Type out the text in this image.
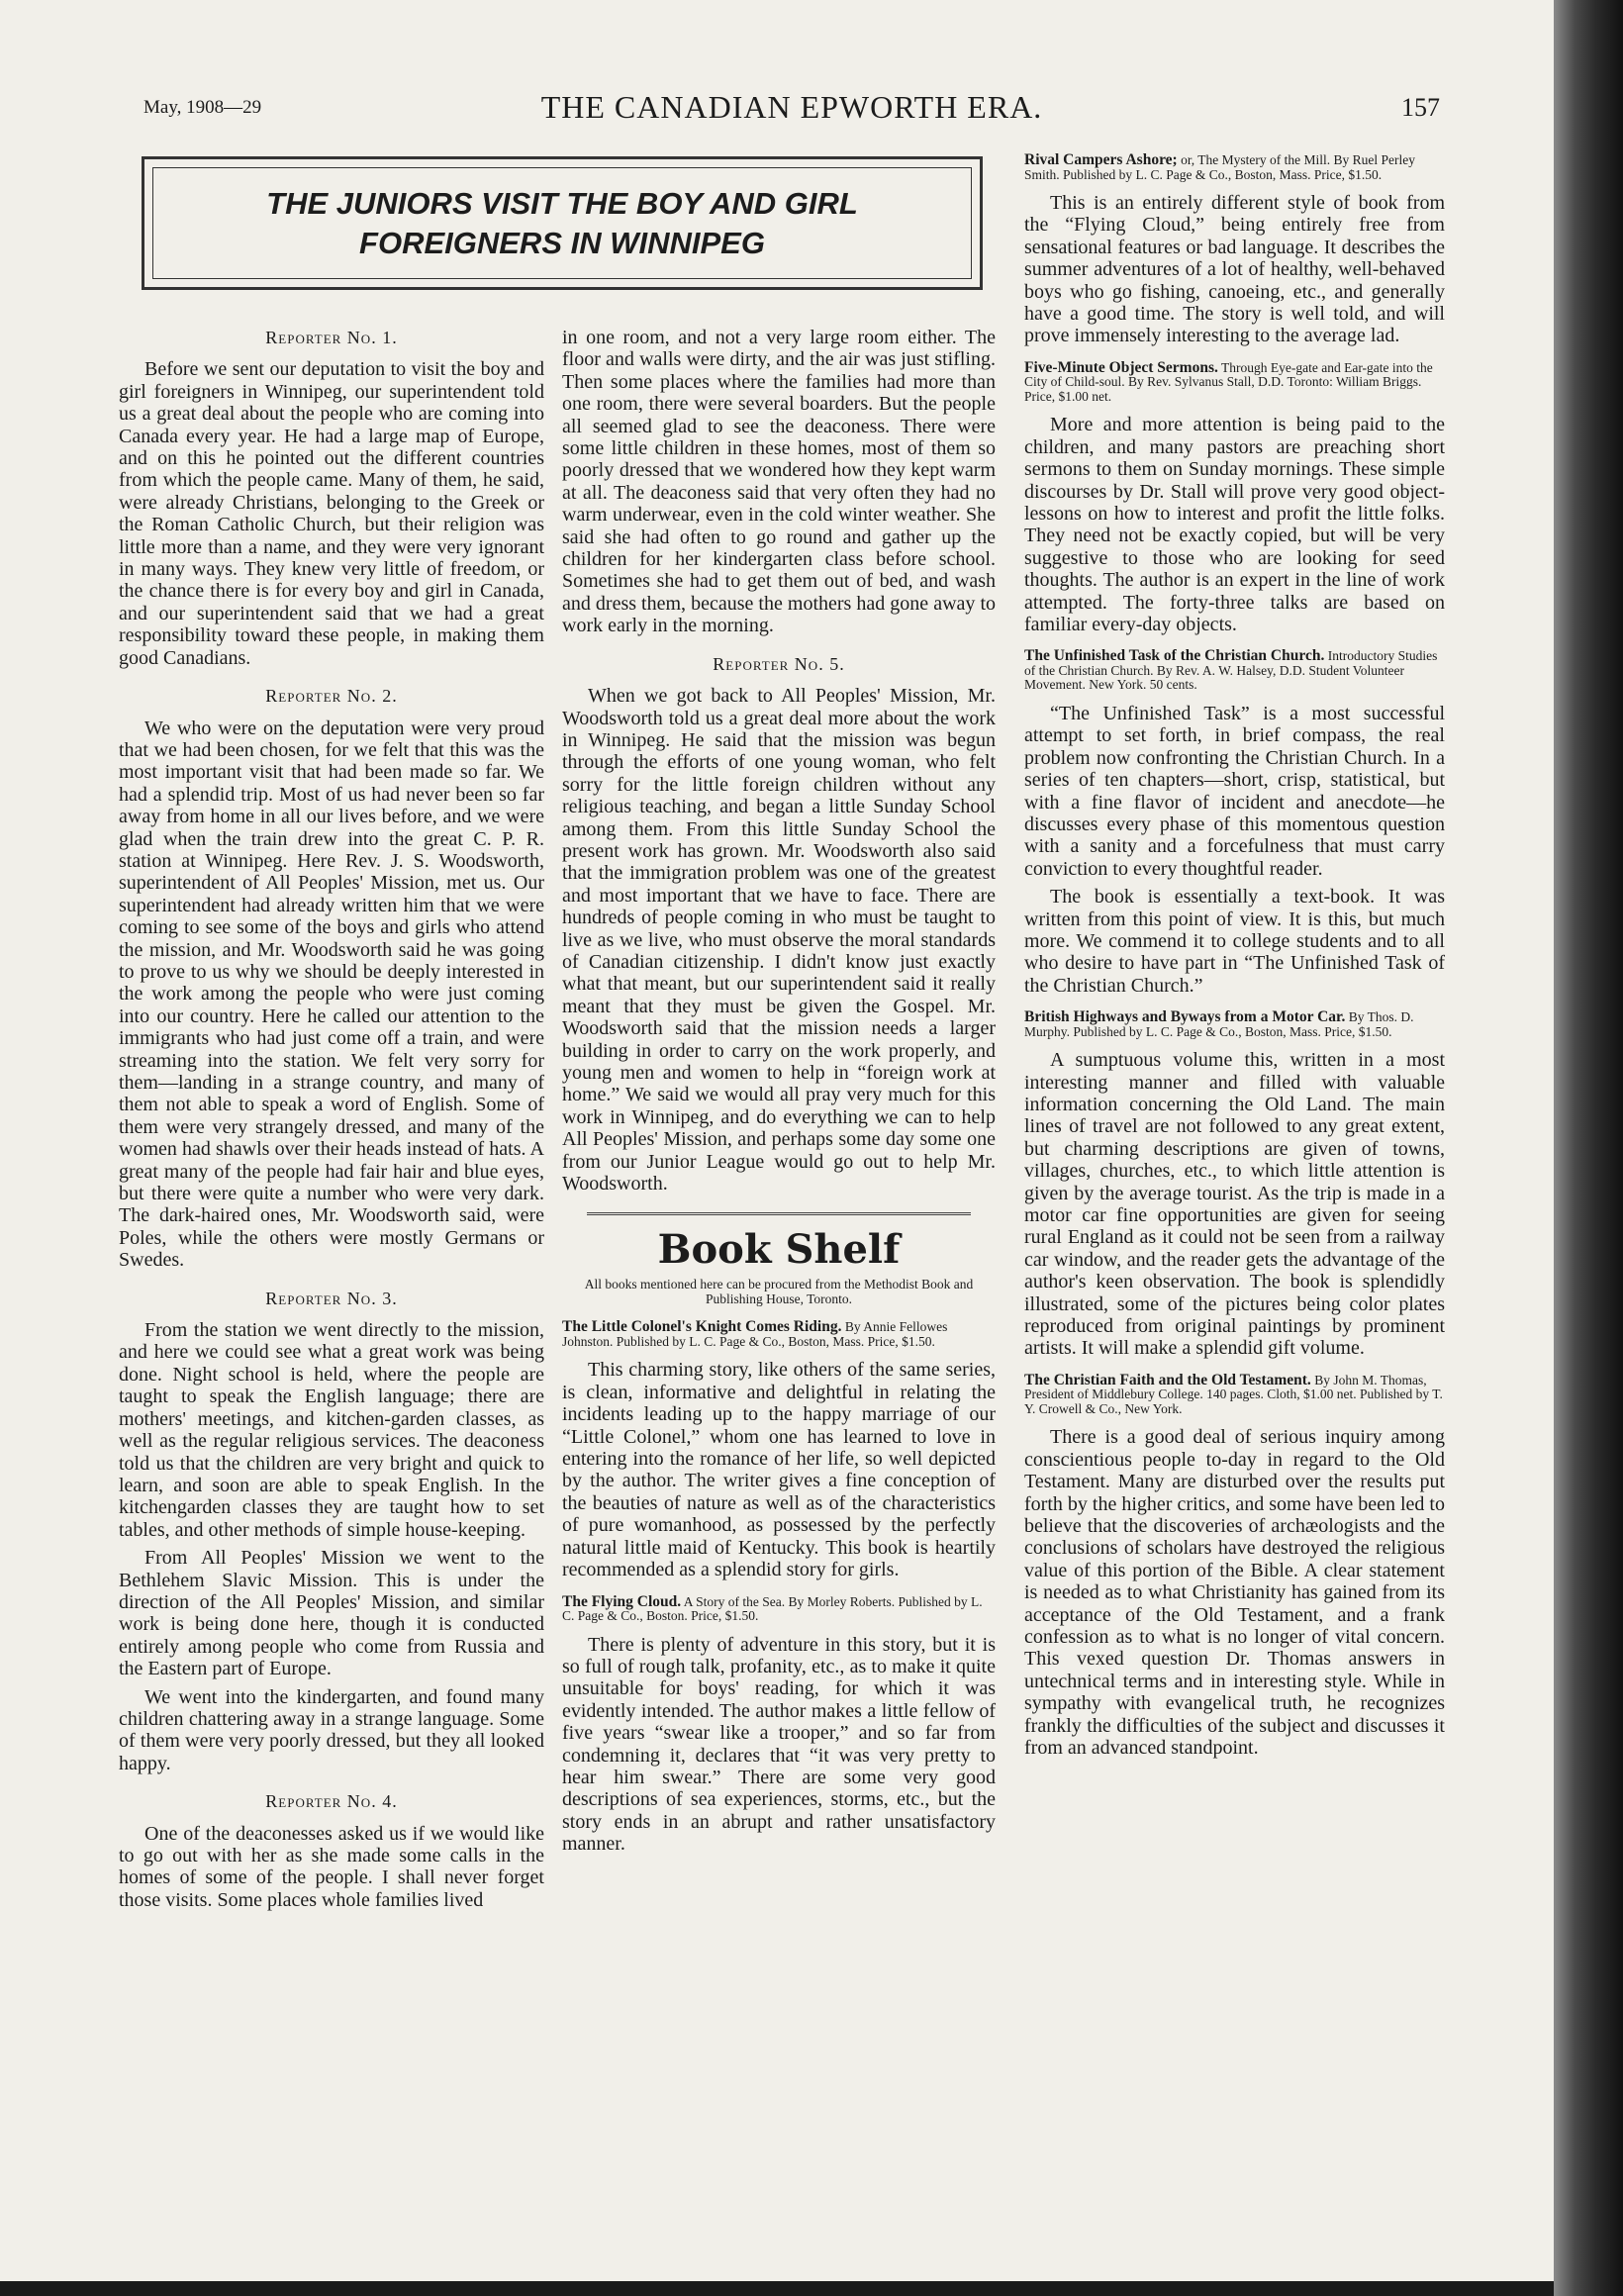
May, 1908—29	THE CANADIAN EPWORTH ERA.	157
THE JUNIORS VISIT THE BOY AND GIRL FOREIGNERS IN WINNIPEG
Reporter No. 1.

Before we sent our deputation to visit the boy and girl foreigners in Winnipeg, our superintendent told us a great deal about the people who are coming into Canada every year. He had a large map of Europe, and on this he pointed out the different countries from which the people came. Many of them, he said, were already Christians, belonging to the Greek or the Roman Catholic Church, but their religion was little more than a name, and they were very ignorant in many ways. They knew very little of freedom, or the chance there is for every boy and girl in Canada, and our superintendent said that we had a great responsibility toward these people, in making them good Canadians.

Reporter No. 2.

We who were on the deputation were very proud that we had been chosen, for we felt that this was the most important visit that had been made so far. We had a splendid trip. Most of us had never been so far away from home in all our lives before, and we were glad when the train drew into the great C. P. R. station at Winnipeg. Here Rev. J. S. Woodsworth, superintendent of All Peoples' Mission, met us. Our superintendent had already written him that we were coming to see some of the boys and girls who attend the mission, and Mr. Woodsworth said he was going to prove to us why we should be deeply interested in the work among the people who were just coming into our country. Here he called our attention to the immigrants who had just come off a train, and were streaming into the station. We felt very sorry for them—landing in a strange country, and many of them not able to speak a word of English. Some of them were very strangely dressed, and many of the women had shawls over their heads instead of hats. A great many of the people had fair hair and blue eyes, but there were quite a number who were very dark. The dark-haired ones, Mr. Woodsworth said, were Poles, while the others were mostly Germans or Swedes.

Reporter No. 3.

From the station we went directly to the mission, and here we could see what a great work was being done. Night school is held, where the people are taught to speak the English language; there are mothers' meetings, and kitchen-garden classes, as well as the regular religious services. The deaconess told us that the children are very bright and quick to learn, and soon are able to speak English. In the kitchengarden classes they are taught how to set tables, and other methods of simple house-keeping.

From All Peoples' Mission we went to the Bethlehem Slavic Mission. This is under the direction of the All Peoples' Mission, and similar work is being done here, though it is conducted entirely among people who come from Russia and the Eastern part of Europe.

We went into the kindergarten, and found many children chattering away in a strange language. Some of them were very poorly dressed, but they all looked happy.

Reporter No. 4.

One of the deaconesses asked us if we would like to go out with her as she made some calls in the homes of some of the people. I shall never forget those visits. Some places whole families lived

in one room, and not a very large room either. The floor and walls were dirty, and the air was just stifling. Then some places where the families had more than one room, there were several boarders. But the people all seemed glad to see the deaconess. There were some little children in these homes, most of them so poorly dressed that we wondered how they kept warm at all. The deaconess said that very often they had no warm underwear, even in the cold winter weather. She said she had often to go round and gather up the children for her kindergarten class before school. Sometimes she had to get them out of bed, and wash and dress them, because the mothers had gone away to work early in the morning.

Reporter No. 5.

When we got back to All Peoples' Mission, Mr. Woodsworth told us a great deal more about the work in Winnipeg. He said that the mission was begun through the efforts of one young woman, who felt sorry for the little foreign children without any religious teaching, and began a little Sunday School among them. From this little Sunday School the present work has grown. Mr. Woodsworth also said that the immigration problem was one of the greatest and most important that we have to face. There are hundreds of people coming in who must be taught to live as we live, who must observe the moral standards of Canadian citizenship. I didn't know just exactly what that meant, but our superintendent said it really meant that they must be given the Gospel. Mr. Woodsworth said that the mission needs a larger building in order to carry on the work properly, and young men and women to help in “foreign work at home.” We said we would all pray very much for this work in Winnipeg, and do everything we can to help All Peoples' Mission, and perhaps some day some one from our Junior League would go out to help Mr. Woodsworth.

Book Shelf
All books mentioned here can be procured from the Methodist Book and Publishing House, Toronto.
The Little Colonel's Knight Comes Riding. By Annie Fellowes Johnston. Published by L. C. Page & Co., Boston, Mass. Price, $1.50.

This charming story, like others of the same series, is clean, informative and delightful in relating the incidents leading up to the happy marriage of our “Little Colonel,” whom one has learned to love in entering into the romance of her life, so well depicted by the author. The writer gives a fine conception of the beauties of nature as well as of the characteristics of pure womanhood, as possessed by the perfectly natural little maid of Kentucky. This book is heartily recommended as a splendid story for girls.

The Flying Cloud. A Story of the Sea. By Morley Roberts. Published by L. C. Page & Co., Boston. Price, $1.50.

There is plenty of adventure in this story, but it is so full of rough talk, profanity, etc., as to make it quite unsuitable for boys' reading, for which it was evidently intended. The author makes a little fellow of five years “swear like a trooper,” and so far from condemning it, declares that “it was very pretty to hear him swear.” There are some very good descriptions of sea experiences, storms, etc., but the story ends in an abrupt and rather unsatisfactory manner.

Rival Campers Ashore; or, The Mystery of the Mill. By Ruel Perley Smith. Published by L. C. Page & Co., Boston, Mass. Price, $1.50.

This is an entirely different style of book from the “Flying Cloud,” being entirely free from sensational features or bad language. It describes the summer adventures of a lot of healthy, well-behaved boys who go fishing, canoeing, etc., and generally have a good time. The story is well told, and will prove immensely interesting to the average lad.

Five-Minute Object Sermons. Through Eye-gate and Ear-gate into the City of Child-soul. By Rev. Sylvanus Stall, D.D. Toronto: William Briggs. Price, $1.00 net.

More and more attention is being paid to the children, and many pastors are preaching short sermons to them on Sunday mornings. These simple discourses by Dr. Stall will prove very good object-lessons on how to interest and profit the little folks. They need not be exactly copied, but will be very suggestive to those who are looking for seed thoughts. The author is an expert in the line of work attempted. The forty-three talks are based on familiar every-day objects.

The Unfinished Task of the Christian Church. Introductory Studies of the Christian Church. By Rev. A. W. Halsey, D.D. Student Volunteer Movement. New York. 50 cents.

“The Unfinished Task” is a most successful attempt to set forth, in brief compass, the real problem now confronting the Christian Church. In a series of ten chapters—short, crisp, statistical, but with a fine flavor of incident and anecdote—he discusses every phase of this momentous question with a sanity and a forcefulness that must carry conviction to every thoughtful reader.

The book is essentially a text-book. It was written from this point of view. It is this, but much more. We commend it to college students and to all who desire to have part in “The Unfinished Task of the Christian Church.”

British Highways and Byways from a Motor Car. By Thos. D. Murphy. Published by L. C. Page & Co., Boston, Mass. Price, $1.50.

A sumptuous volume this, written in a most interesting manner and filled with valuable information concerning the Old Land. The main lines of travel are not followed to any great extent, but charming descriptions are given of towns, villages, churches, etc., to which little attention is given by the average tourist. As the trip is made in a motor car fine opportunities are given for seeing rural England as it could not be seen from a railway car window, and the reader gets the advantage of the author's keen observation. The book is splendidly illustrated, some of the pictures being color plates reproduced from original paintings by prominent artists. It will make a splendid gift volume.

The Christian Faith and the Old Testament. By John M. Thomas, President of Middlebury College. 140 pages. Cloth, $1.00 net. Published by T. Y. Crowell & Co., New York.

There is a good deal of serious inquiry among conscientious people to-day in regard to the Old Testament. Many are disturbed over the results put forth by the higher critics, and some have been led to believe that the discoveries of archæologists and the conclusions of scholars have destroyed the religious value of this portion of the Bible. A clear statement is needed as to what Christianity has gained from its acceptance of the Old Testament, and a frank confession as to what is no longer of vital concern. This vexed question Dr. Thomas answers in untechnical terms and in interesting style. While in sympathy with evangelical truth, he recognizes frankly the difficulties of the subject and discusses it from an advanced standpoint.
